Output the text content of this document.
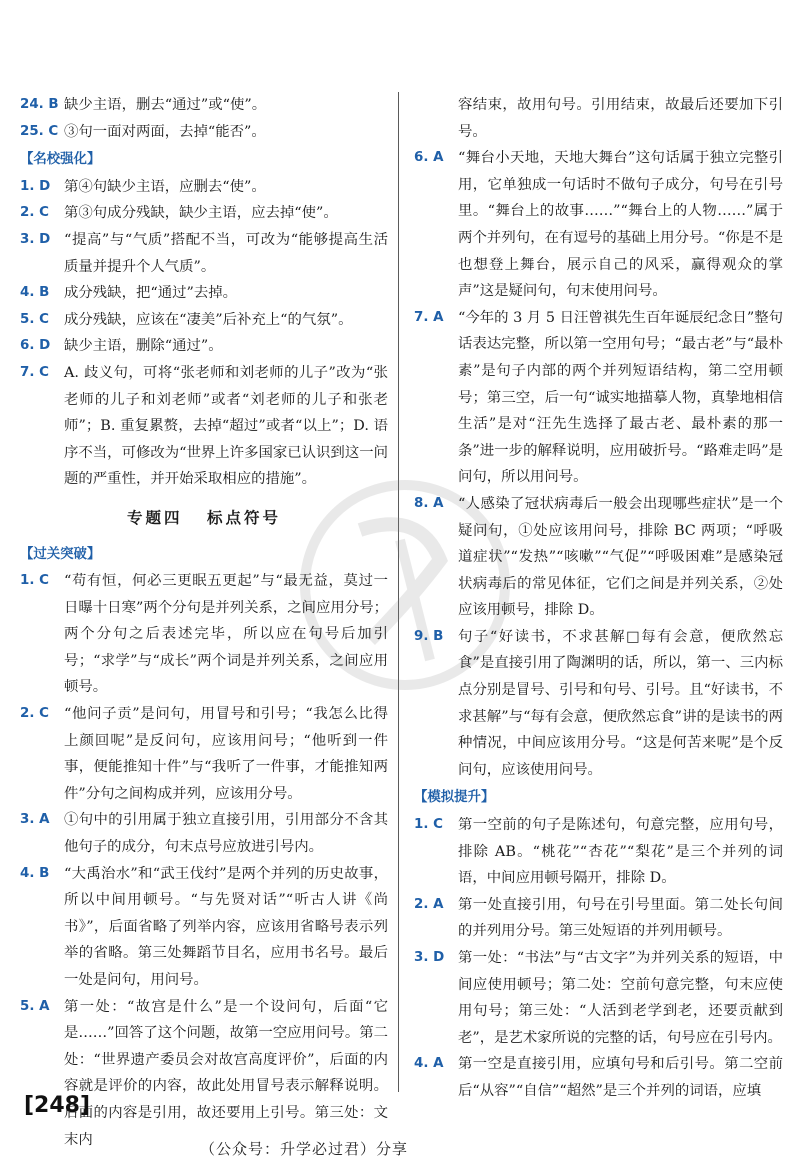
24. B 缺少主语，删去“通过”或“使”。
25. C ③句一面对两面，去掉“能否”。
【名校强化】
1. D 第④句缺少主语，应删去“使”。
2. C	第③句成分残缺，缺少主语，应去掉“使”。
3. D “提高”与“气质”搭配不当，可改为“能够提高生活质量并提升个人气质”。
4. B	成分残缺，把“通过”去掉。
5. C	成分残缺，应该在“凄美”后补充上“的气氛”。
6. D 缺少主语，删除“通过”。
7. C	A. 歧义句，可将“张老师和刘老师的儿子”改为“张老师的儿子和刘老师”或者“刘老师的儿子和张老师”；B. 重复累赘，去掉“超过”或者“以上”；D. 语序不当，可修改为“世界上许多国家已认识到这一问题的严重性，并开始采取相应的措施”。
专题四 标点符号
【过关突破】
1. C	“苟有恒，何必三更眠五更起”与“最无益，莫过一日曝十日寒”两个分句是并列关系，之间应用分号；两个分句之后表述完毕，所以应在句号后加引号；“求学”与“成长”两个词是并列关系，之间应用顿号。
2. C	“他问子贡”是问句，用冒号和引号；“我怎么比得上颜回呢”是反问句，应该用问号；“他听到一件事，便能推知十件”与“我听了一件事，才能推知两件”分句之间构成并列，应该用分号。
3. A	①句中的引用属于独立直接引用，引用部分不含其他句子的成分，句末点号应放进引号内。
4. B	“大禹治水”和“武王伐纣”是两个并列的历史故事，所以中间用顿号。“与先贤对话”“听古人讲《尚书》”，后面省略了列举内容，应该用省略号表示列举的省略。第三处舞蹈节目名，应用书名号。最后一处是问句，用问号。
5. A	第一处：“故宫是什么”是一个设问句，后面“它是……”回答了这个问题，故第一空应用问号。第二处：“世界遗产委员会对故宫高度评价”，后面的内容就是评价的内容，故此处用冒号表示解释说明。后面的内容是引用，故还要用上引号。第三处：文末内

容结束，故用句号。引用结束，故最后还要加下引号。

6. A	“舞台小天地，天地大舞台”这句话属于独立完整引用，它单独成一句话时不做句子成分，句号在引号里。“舞台上的故事……”“舞台上的人物……”属于两个并列句，在有逗号的基础上用分号。“你是不是也想登上舞台，展示自己的风采，赢得观众的掌声”这是疑问句，句末使用问号。
7. A	“今年的 3 月 5 日汪曾祺先生百年诞辰纪念日”整句话表达完整，所以第一空用句号；“最古老”与“最朴素”是句子内部的两个并列短语结构，第二空用顿号；第三空，后一句“诚实地描摹人物，真挚地相信生活”是对“汪先生选择了最古老、最朴素的那一条”进一步的解释说明，应用破折号。“路难走吗”是问句，所以用问号。
8. A	“人感染了冠状病毒后一般会出现哪些症状”是一个疑问句，①处应该用问号，排除 BC 两项；“呼吸道症状”“发热”“咳嗽”“气促”“呼吸困难”是感染冠状病毒后的常见体征，它们之间是并列关系，②处应该用顿号，排除 D。
9. B	句子“好读书，不求甚解□每有会意，便欣然忘食”是直接引用了陶渊明的话，所以，第一、三内标点分别是冒号、引号和句号、引号。且“好读书，不求甚解”与“每有会意，便欣然忘食”讲的是读书的两种情况，中间应该用分号。“这是何苦来呢”是个反问句，应该使用问号。
【模拟提升】
1. C	第一空前的句子是陈述句，句意完整，应用句号，排除 AB。“桃花”“杏花”“梨花”是三个并列的词语，中间应用顿号隔开，排除 D。
2. A	第一处直接引用，句号在引号里面。第二处长句间的并列用分号。第三处短语的并列用顿号。
3. D 第一处：“书法”与“古文字”为并列关系的短语，中间应使用顿号；第二处：空前句意完整，句末应使用句号；第三处：“人活到老学到老，还要贡献到老”，是艺术家所说的完整的话，句号应在引号内。
4. A	第一空是直接引用，应填句号和后引号。第二空前后“从容”“自信”“超然”是三个并列的词语，应填
[248]
（公众号：升学必过君）分享
